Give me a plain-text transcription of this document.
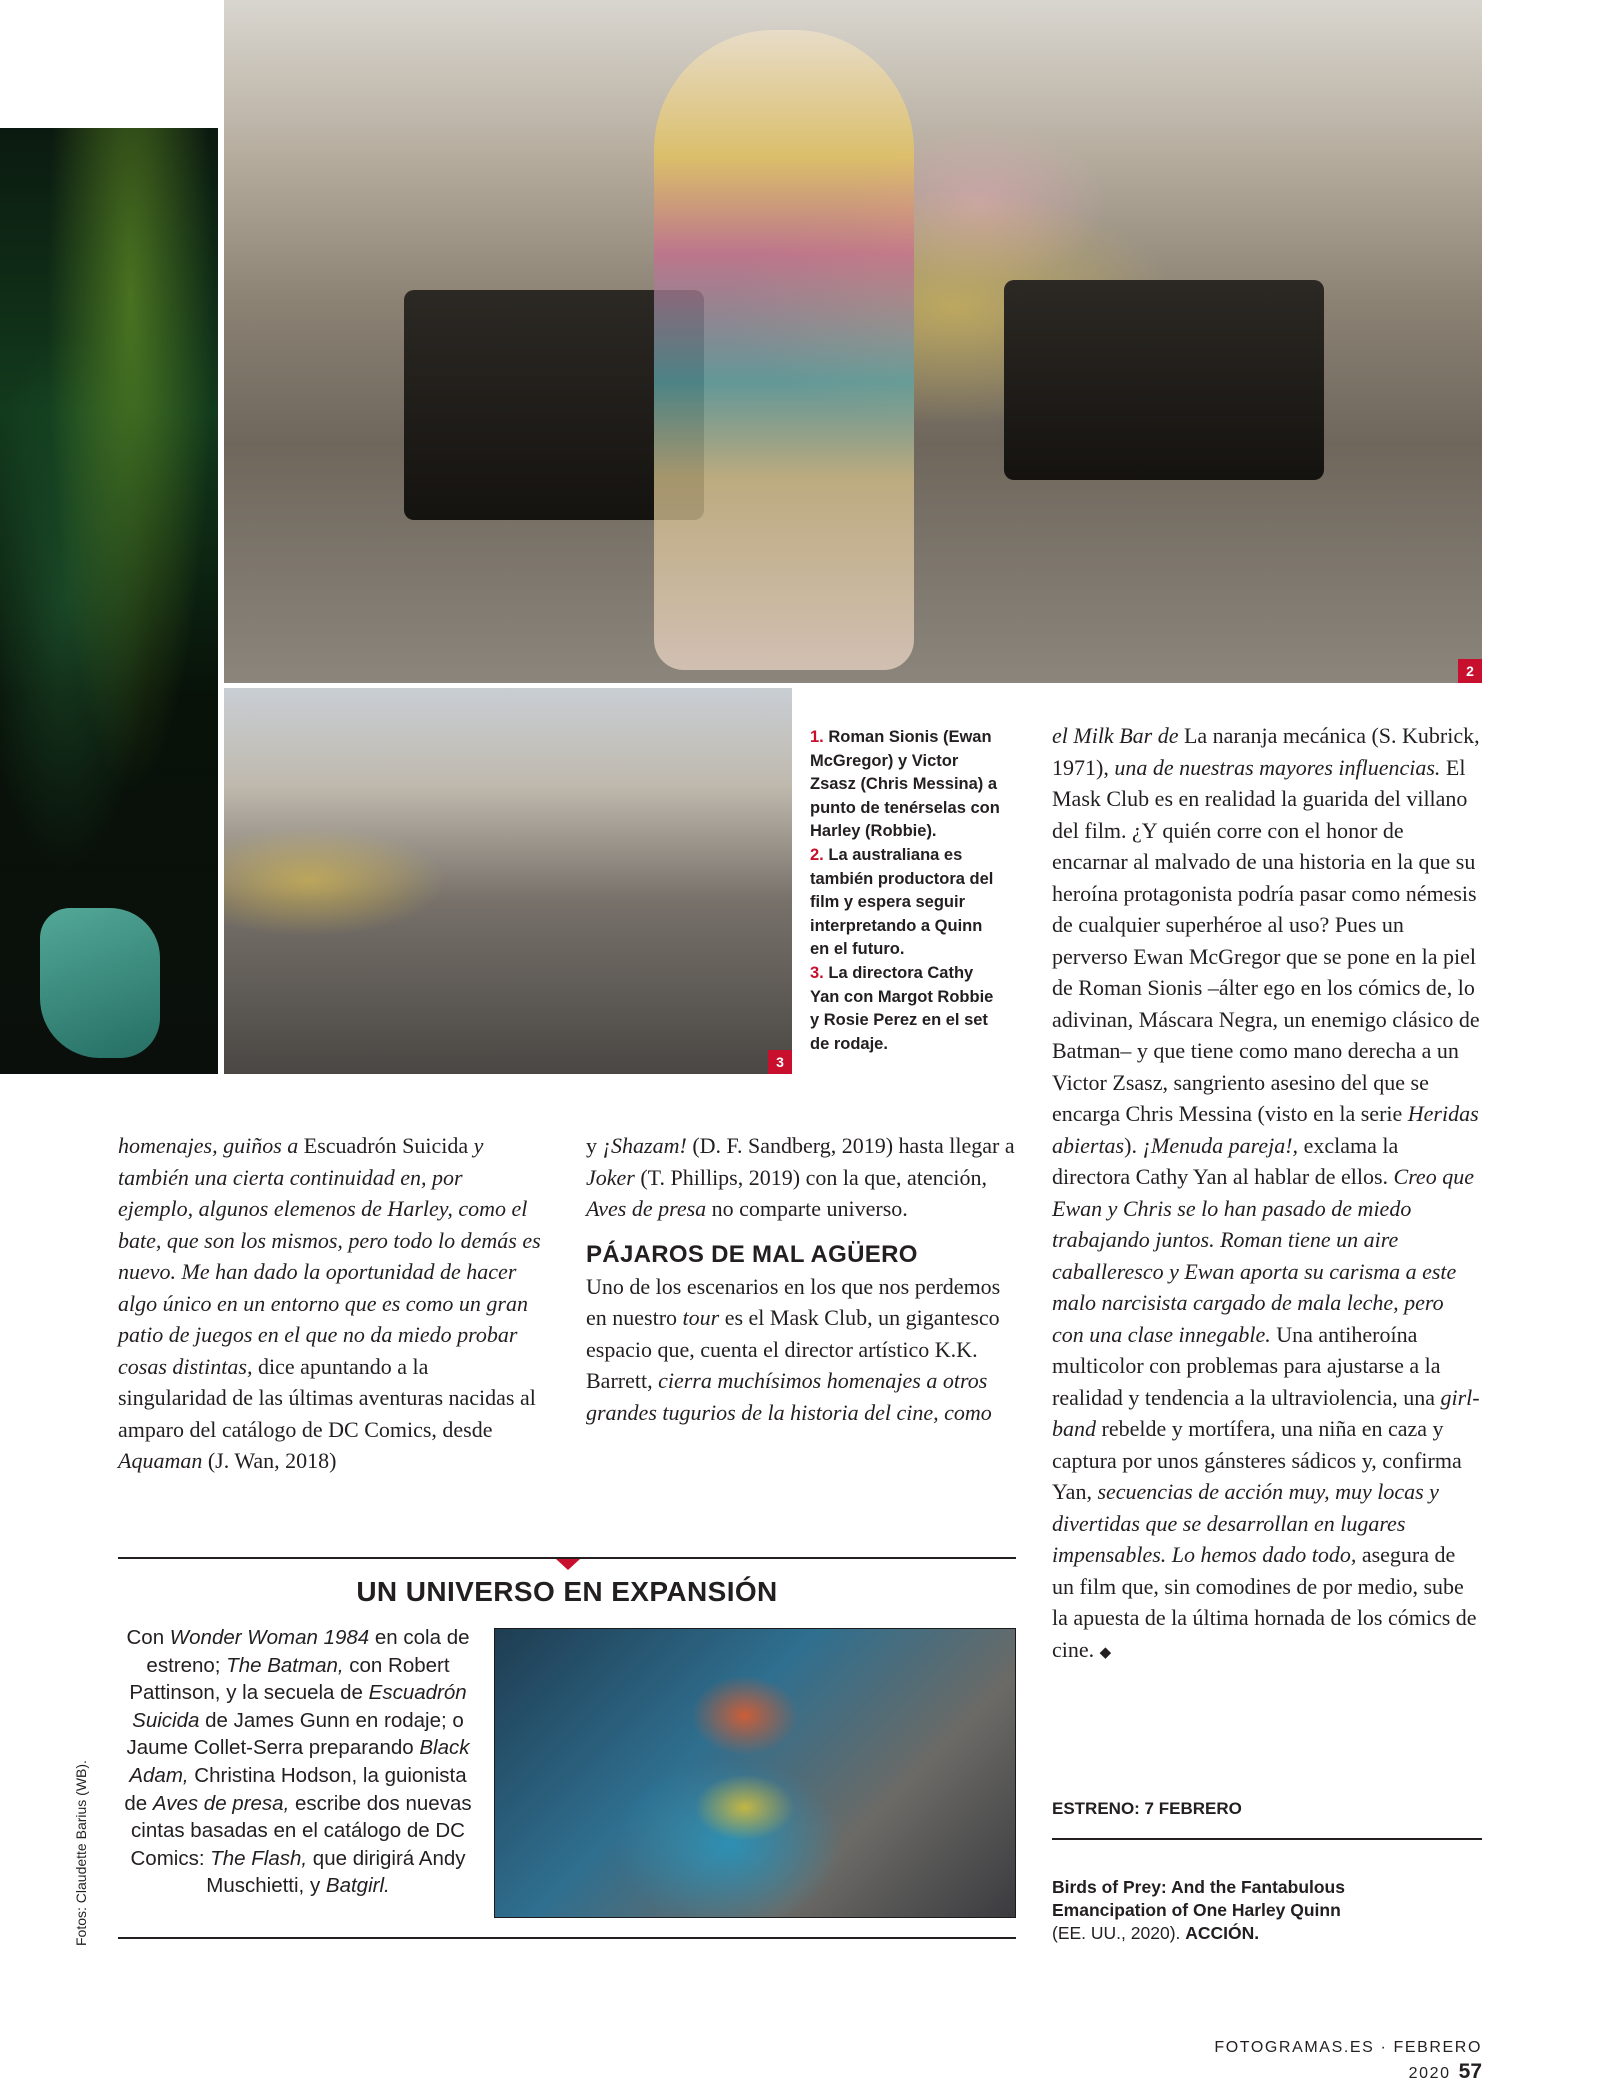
2
3
1. Roman Sionis (Ewan McGregor) y Victor Zsasz (Chris Messina) a punto de tenérselas con Harley (Robbie).
2. La australiana es también productora del film y espera seguir interpretando a Quinn en el futuro.
3. La directora Cathy Yan con Margot Robbie y Rosie Perez en el set de rodaje.

homenajes, guiños a Escuadrón Suicida y también una cierta continuidad en, por ejemplo, algunos elemenos de Harley, como el bate, que son los mismos, pero todo lo demás es nuevo. Me han dado la oportunidad de hacer algo único en un entorno que es como un gran patio de juegos en el que no da miedo probar cosas distintas, dice apuntando a la singularidad de las últimas aventuras nacidas al amparo del catálogo de DC Comics, desde Aquaman (J. Wan, 2018)

y ¡Shazam! (D. F. Sandberg, 2019) hasta llegar a Joker (T. Phillips, 2019) con la que, atención, Aves de presa no comparte universo.

PÁJAROS DE MAL AGÜERO

Uno de los escenarios en los que nos perdemos en nuestro tour es el Mask Club, un gigantesco espacio que, cuenta el director artístico K.K. Barrett, cierra muchísimos homenajes a otros grandes tugurios de la historia del cine, como

el Milk Bar de La naranja mecánica (S. Kubrick, 1971), una de nuestras mayores influencias. El Mask Club es en realidad la guarida del villano del film. ¿Y quién corre con el honor de encarnar al malvado de una historia en la que su heroína protagonista podría pasar como némesis de cualquier superhéroe al uso? Pues un perverso Ewan McGregor que se pone en la piel de Roman Sionis –álter ego en los cómics de, lo adivinan, Máscara Negra, un enemigo clásico de Batman– y que tiene como mano derecha a un Victor Zsasz, sangriento asesino del que se encarga Chris Messina (visto en la serie Heridas abiertas). ¡Menuda pareja!, exclama la directora Cathy Yan al hablar de ellos. Creo que Ewan y Chris se lo han pasado de miedo trabajando juntos. Roman tiene un aire caballeresco y Ewan aporta su carisma a este malo narcisista cargado de mala leche, pero con una clase innegable. Una antiheroína multicolor con problemas para ajustarse a la realidad y tendencia a la ultraviolencia, una girl-band rebelde y mortífera, una niña en caza y captura por unos gánsteres sádicos y, confirma Yan, secuencias de acción muy, muy locas y divertidas que se desarrollan en lugares impensables. Lo hemos dado todo, asegura de un film que, sin comodines de por medio, sube la apuesta de la última hornada de los cómics de cine. ◆

ESTRENO: 7 FEBRERO
Birds of Prey: And the Fantabulous Emancipation of One Harley Quinn
(EE. UU., 2020). ACCIÓN.
UN UNIVERSO EN EXPANSIÓN
Con Wonder Woman 1984 en cola de estreno; The Batman, con Robert Pattinson, y la secuela de Escuadrón Suicida de James Gunn en rodaje; o Jaume Collet-Serra preparando Black Adam, Christina Hodson, la guionista de Aves de presa, escribe dos nuevas cintas basadas en el catálogo de DC Comics: The Flash, que dirigirá Andy Muschietti, y Batgirl.
Fotos: Claudette Barius (WB).
FOTOGRAMAS.ES · FEBRERO 2020 57
